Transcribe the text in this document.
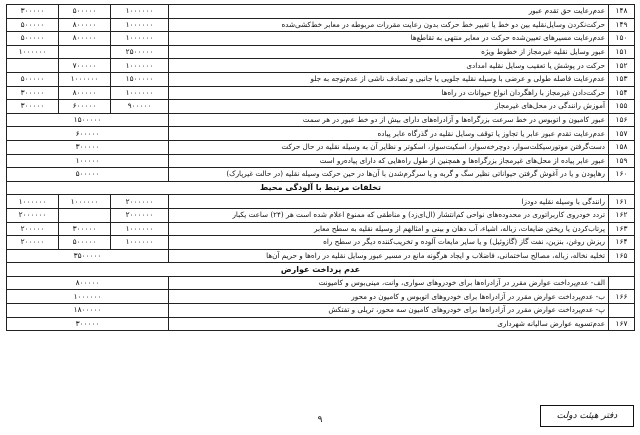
۳۰۰۰۰۰	۵۰۰۰۰۰	۱۰۰۰۰۰۰	عدم‌رعایت حق تقدم عبور	۱۴۸
۵۰۰۰۰۰	۸۰۰۰۰۰	۱۰۰۰۰۰۰	حرکت‌نکردن وسایل‌نقلیه بین دو خط یا تغییر خط حرکت بدون رعایت مقررات مربوطه در معابر خط‌کشی‌شده	۱۴۹
۵۰۰۰۰۰	۸۰۰۰۰۰	۱۰۰۰۰۰۰	عدم‌رعایت مسیرهای تعیین‌شده حرکت در معابر منتهی به تقاطع‌ها	۱۵۰
۱۰۰۰۰۰۰		۲۵۰۰۰۰۰	عبور وسایل نقلیه غیرمجاز از خطوط ویژه	۱۵۱
	۷۰۰۰۰۰	۱۰۰۰۰۰۰	حرکت در پوشش یا تعقیب وسایل نقلیه امدادی	۱۵۲
۵۰۰۰۰۰	۱۰۰۰۰۰۰	۱۵۰۰۰۰۰	عدم‌رعایت فاصله طولی و عرضی با وسیله نقلیه جلویی یا جانبی و تصادف ناشی از عدم‌توجه به جلو	۱۵۳
۳۰۰۰۰۰	۸۰۰۰۰۰	۱۰۰۰۰۰۰	حرکت‌دادن غیرمجاز با راهگردان انواع حیوانات در راه‌ها	۱۵۴
۳۰۰۰۰۰	۶۰۰۰۰۰	۹۰۰۰۰۰	آموزش رانندگی در محل‌های غیرمجاز	۱۵۵
۱۵۰۰۰۰۰			عبور کامیون و اتوبوس در خط سرعت بزرگراه‌ها و آزادراه‌های دارای بیش از دو خط عبور در هر سمت	۱۵۶
۶۰۰۰۰۰			عدم‌رعایت تقدم عبور عابر یا تجاوز یا توقف وسایل نقلیه در گذرگاه عابر پیاده	۱۵۷
۳۰۰۰۰۰			دست‌گرفتن موتورسیکلت‌سوار، دوچرخه‌سوار، اسکیت‌سوار، اسکوتر و نظایر آن به وسیله نقلیه در حال حرکت	۱۵۸
۱۰۰۰۰۰			عبور عابر پیاده از محل‌های غیرمجاز بزرگراه‌ها و همچنین از طول راه‌هایی که دارای پیاده‌رو است	۱۵۹
۵۰۰۰۰۰			رهاپودن و یا در آغوش گرفتن حیواناتی نظیر سگ و گربه و یا سرگرم‌شدن با آن‌ها در حین حرکت وسیله نقلیه (در حالت غیرپارک)	۱۶۰
تخلفات مرتبط با آلودگی محیط				
۱۰۰۰۰۰۰	۱۰۰۰۰۰۰	۲۰۰۰۰۰۰	رانندگی با وسیله نقلیه دودزا	۱۶۱
۲۰۰۰۰۰۰		۲۰۰۰۰۰۰	تردد خودروی کاربراتوری در محدوده‌های نواحی کم‌انتشار (ال‌ای‌زد) و مناطقی که ممنوع اعلام شده است هر (۲۴) ساعت یکبار	۱۶۲
۲۰۰۰۰۰	۳۰۰۰۰۰	۱۰۰۰۰۰۰	پرتاب‌کردن یا ریختن ضایعات، زباله، اشیاء، آب دهان و بینی و امثالهم از وسیله نقلیه به سطح معابر	۱۶۳
۲۰۰۰۰۰	۵۰۰۰۰۰	۱۰۰۰۰۰۰	ریزش روغن، بنزین، نفت گاز (گازوئیل) و یا سایر مایعات آلوده و تخریب‌کننده دیگر در سطح راه	۱۶۴
۳۵۰۰۰۰۰			تخلیه نخاله، زباله، مصالح ساختمانی، فاضلاب و ایجاد هرگونه مانع در مسیر عبور وسایل نقلیه در راه‌ها و حریم آن‌ها	۱۶۵
عدم پرداخت عوارض				
۸۰۰۰۰۰			الف- عدم‌پرداخت عوارض مقرر در آزادراه‌ها برای خودروهای سواری، وانت، مینی‌بوس و کامیونت	
۱۰۰۰۰۰۰			ب- عدم‌پرداخت عوارض مقرر در آزادراه‌ها برای خودروهای اتوبوس و کامیون دو محور	۱۶۶
۱۸۰۰۰۰۰			پ- عدم‌پرداخت عوارض مقرر در آزادراه‌ها برای خودروهای کامیون سه محور، تریلی و تفتکش	
۳۰۰۰۰۰			عدم‌تسویه عوارض سالیانه شهرداری	۱۶۷
۹	دفتر هیئت دولت
